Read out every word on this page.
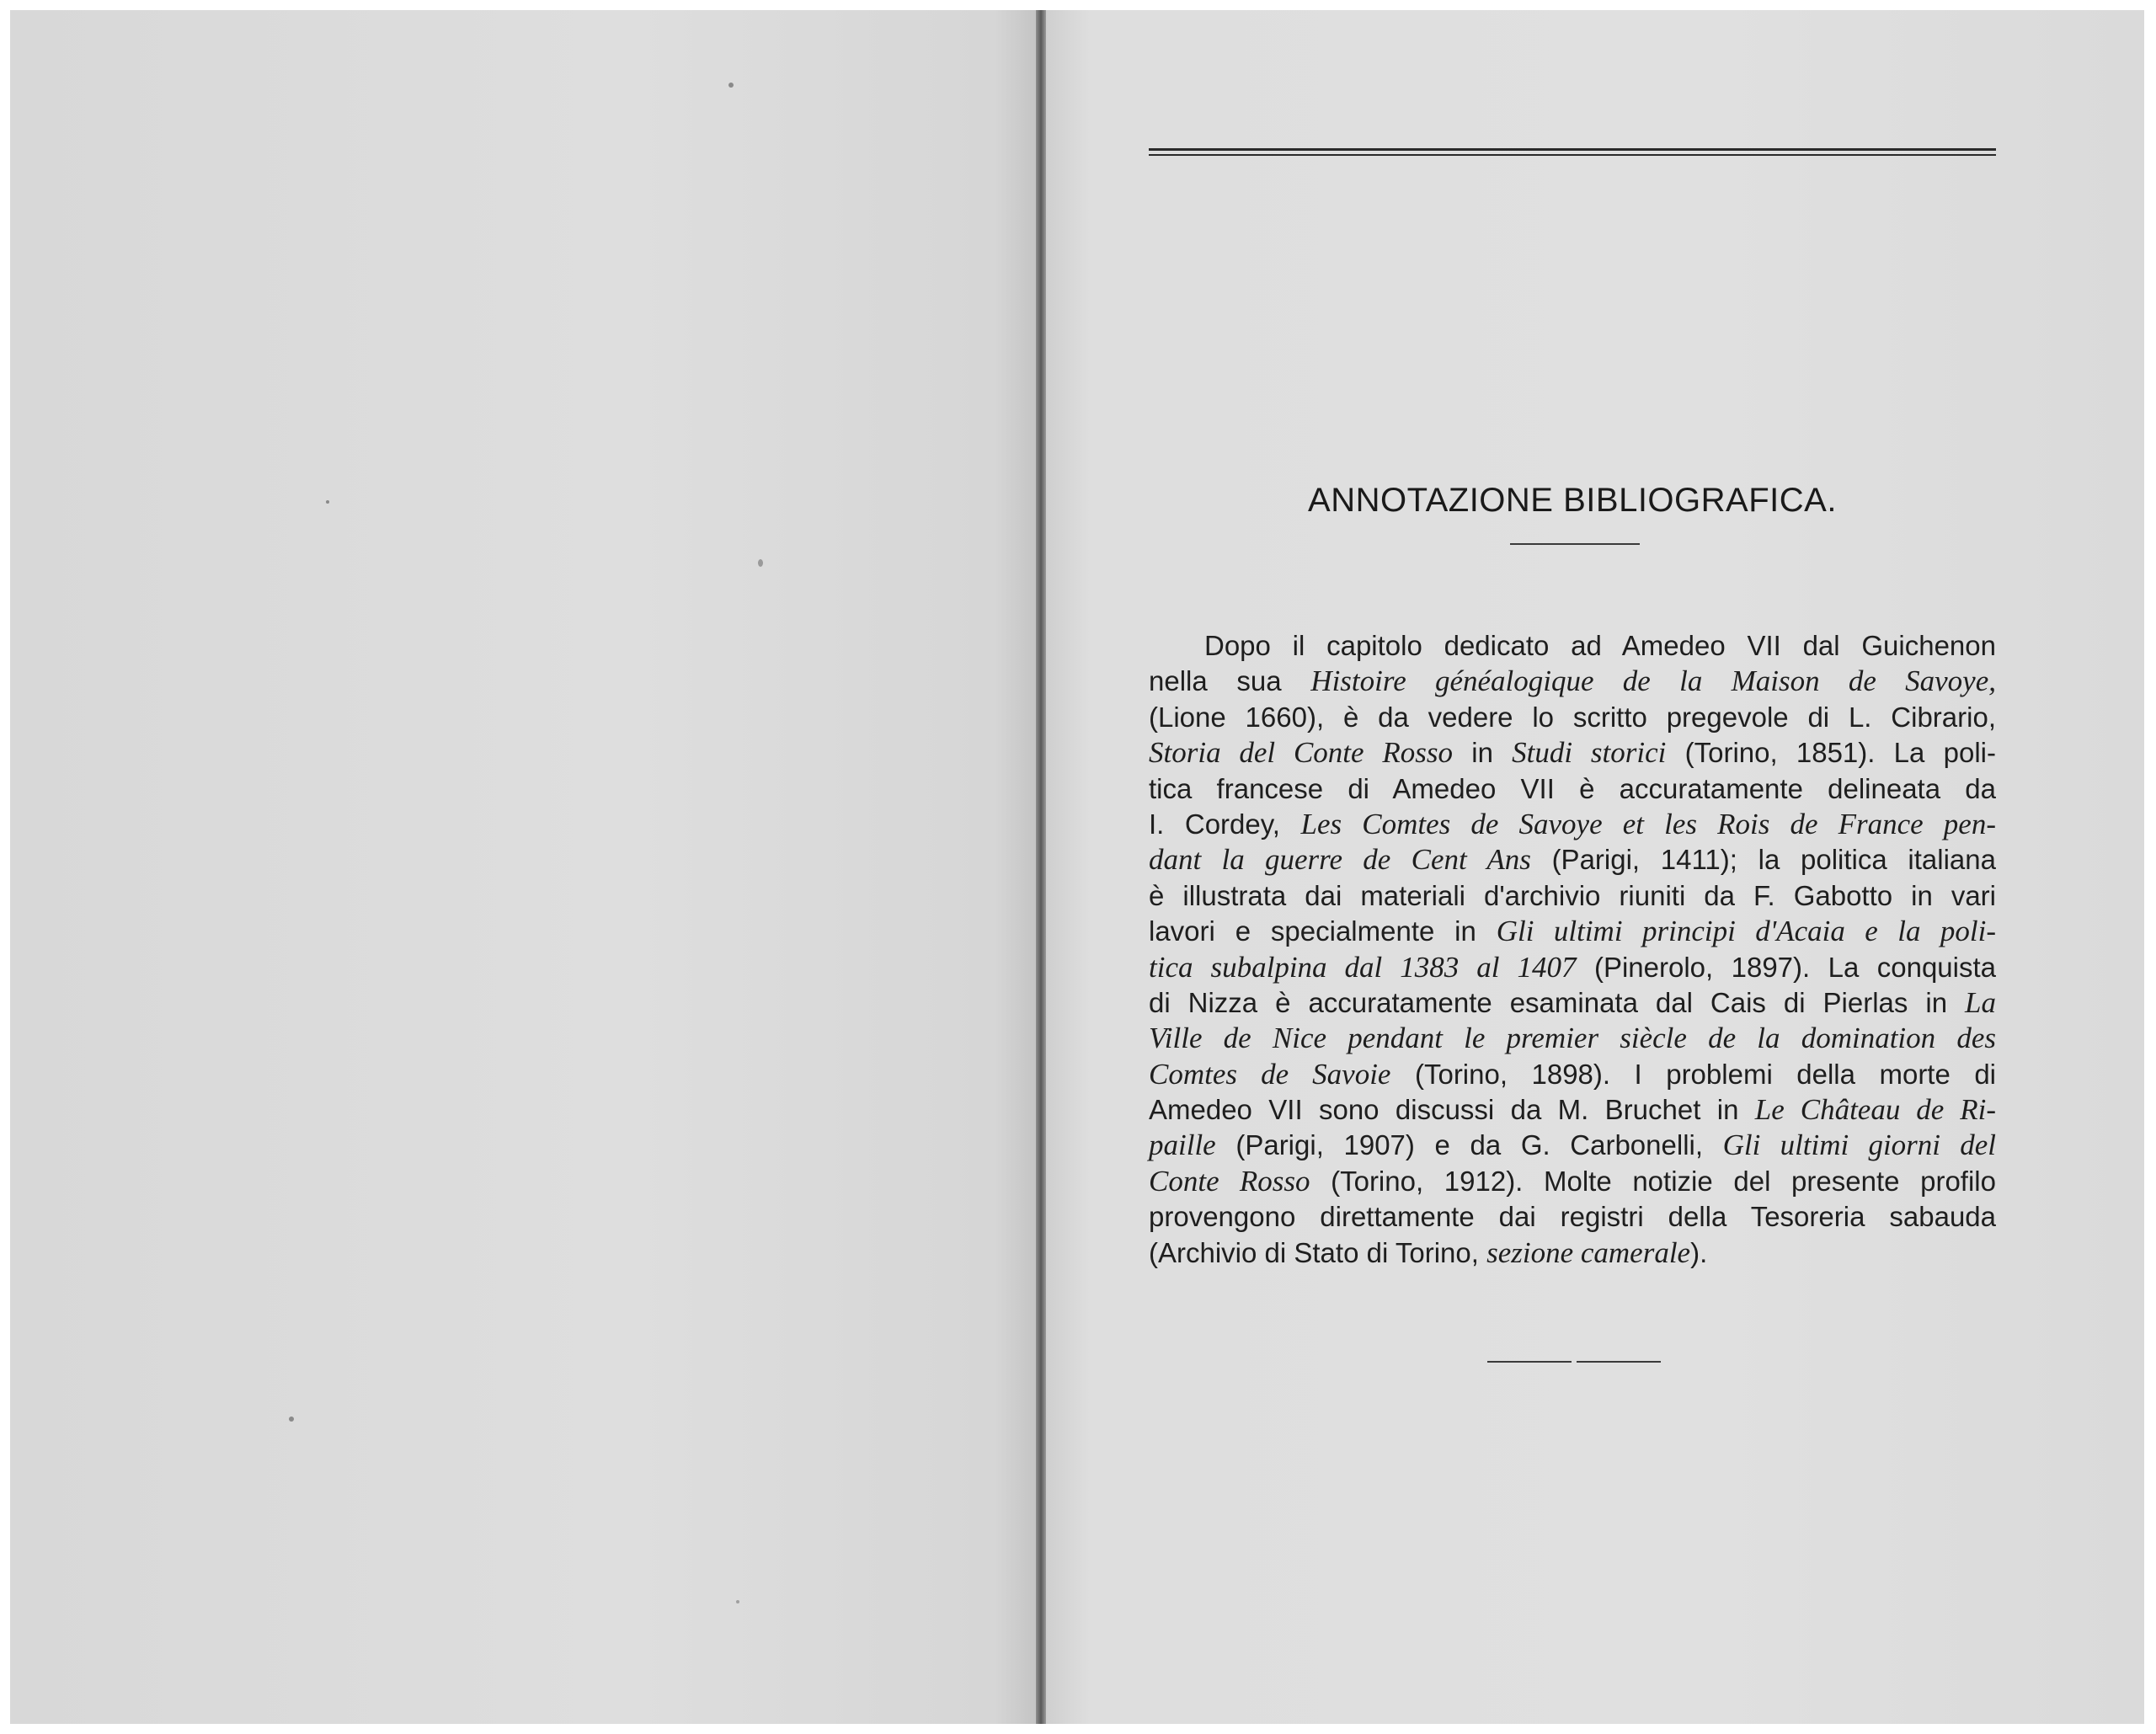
ANNOTAZIONE BIBLIOGRAFICA.
Dopo il capitolo dedicato ad Amedeo VII dal Guichenon
nella sua Histoire généalogique de la Maison de Savoye,
(Lione 1660), è da vedere lo scritto pregevole di L. Cibrario,
Storia del Conte Rosso in Studi storici (Torino, 1851). La poli-
tica francese di Amedeo VII è accuratamente delineata da
I. Cordey, Les Comtes de Savoye et les Rois de France pen-
dant la guerre de Cent Ans (Parigi, 1411); la politica italiana
è illustrata dai materiali d'archivio riuniti da F. Gabotto in vari
lavori e specialmente in Gli ultimi principi d'Acaia e la poli-
tica subalpina dal 1383 al 1407 (Pinerolo, 1897). La conquista
di Nizza è accuratamente esaminata dal Cais di Pierlas in La
Ville de Nice pendant le premier siècle de la domination des
Comtes de Savoie (Torino, 1898). I problemi della morte di
Amedeo VII sono discussi da M. Bruchet in Le Château de Ri-
paille (Parigi, 1907) e da G. Carbonelli, Gli ultimi giorni del
Conte Rosso (Torino, 1912). Molte notizie del presente profilo
provengono direttamente dai registri della Tesoreria sabauda
(Archivio di Stato di Torino, sezione camerale).
